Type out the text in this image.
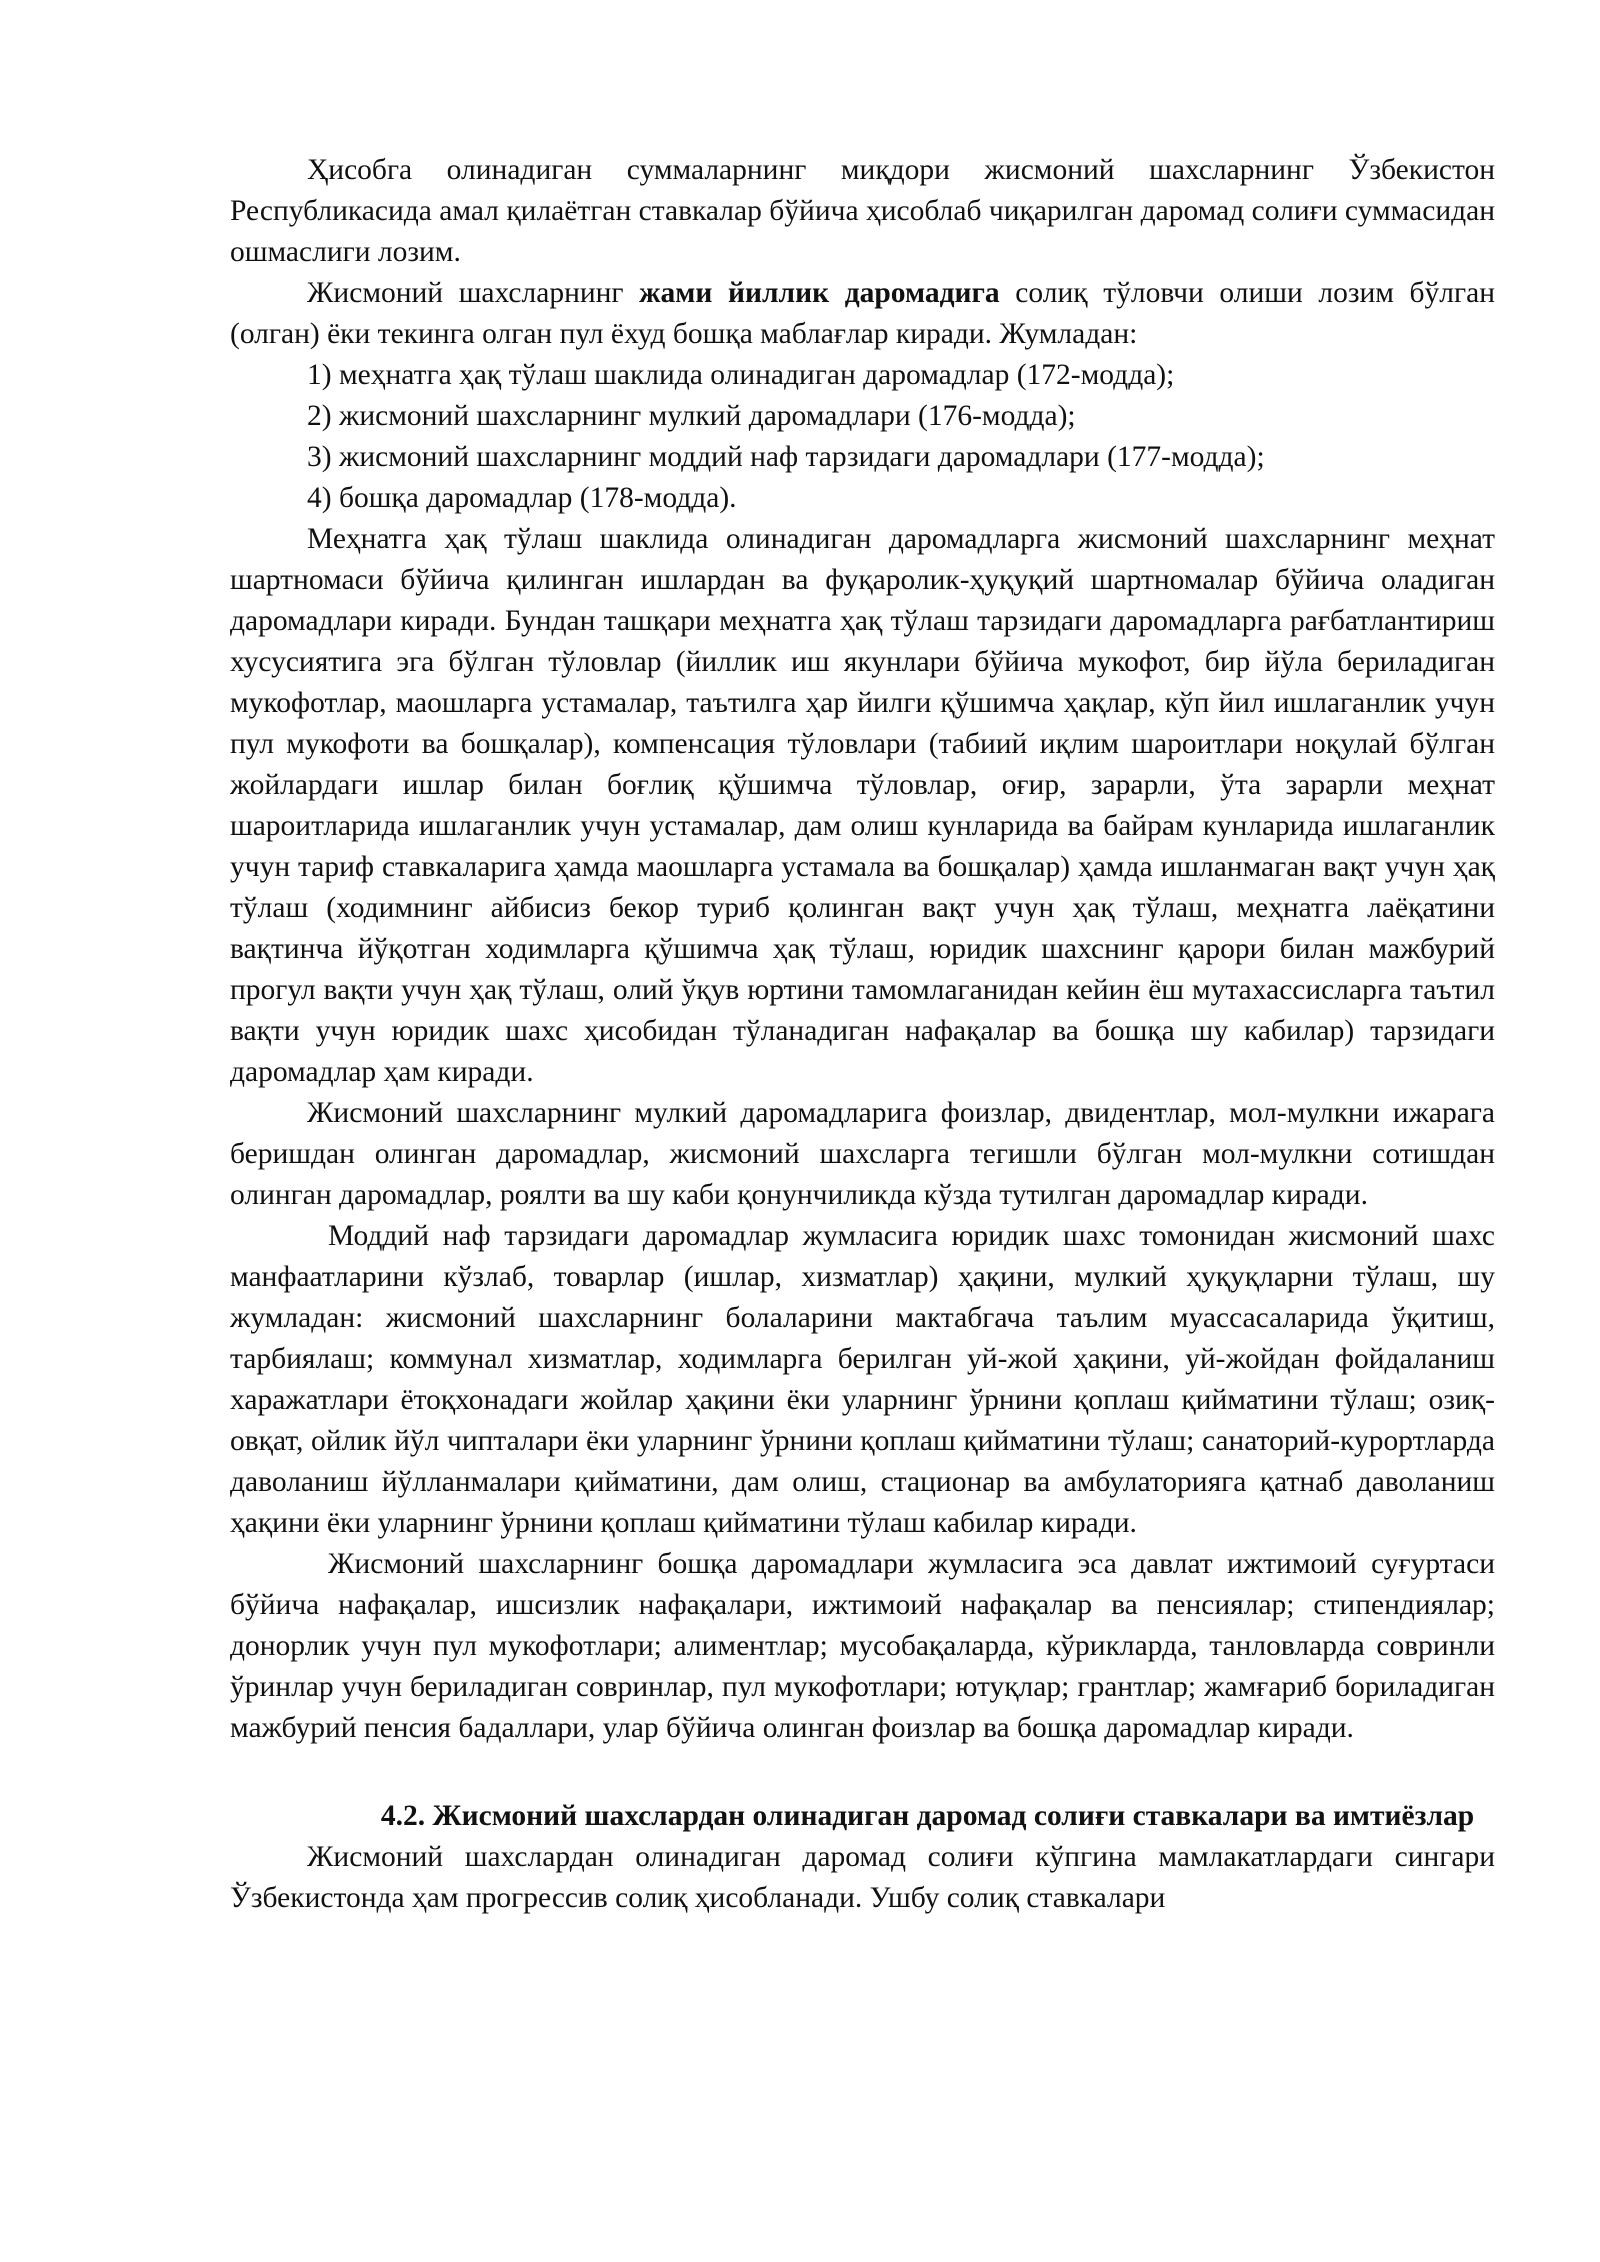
Ҳисобга олинадиган суммаларнинг миқдори жисмоний шахсларнинг Ўзбекистон Республикасида амал қилаётган ставкалар бўйича ҳисоблаб чиқарилган даромад солиғи суммасидан ошмаслиги лозим.

Жисмоний шахсларнинг жами йиллик даромадига солиқ тўловчи олиши лозим бўлган (олган) ёки текинга олган пул ёхуд бошқа маблағлар киради. Жумладан:

1) меҳнатга ҳақ тўлаш шаклида олинадиган даромадлар (172-модда);

2) жисмоний шахсларнинг мулкий даромадлари (176-модда);

3) жисмоний шахсларнинг моддий наф тарзидаги даромадлари (177-модда);

4) бошқа даромадлар (178-модда).

Меҳнатга ҳақ тўлаш шаклида олинадиган даромадларга жисмоний шахсларнинг меҳнат шартномаси бўйича қилинган ишлардан ва фуқаролик-ҳуқуқий шартномалар бўйича оладиган даромадлари киради. Бундан ташқари меҳнатга ҳақ тўлаш тарзидаги даромадларга рағбатлантириш хусусиятига эга бўлган тўловлар (йиллик иш якунлари бўйича мукофот, бир йўла бериладиган мукофотлар, маошларга устамалар, таътилга ҳар йилги қўшимча ҳақлар, кўп йил ишлаганлик учун пул мукофоти ва бошқалар), компенсация тўловлари (табиий иқлим шароитлари ноқулай бўлган жойлардаги ишлар билан боғлиқ қўшимча тўловлар, оғир, зарарли, ўта зарарли меҳнат шароитларида ишлаганлик учун устамалар, дам олиш кунларида ва байрам кунларида ишлаганлик учун тариф ставкаларига ҳамда маошларга устамала ва бошқалар) ҳамда ишланмаган вақт учун ҳақ тўлаш (ходимнинг айбисиз бекор туриб қолинган вақт учун ҳақ тўлаш, меҳнатга лаёқатини вақтинча йўқотган ходимларга қўшимча ҳақ тўлаш, юридик шахснинг қарори билан мажбурий прогул вақти учун ҳақ тўлаш, олий ўқув юртини тамомлаганидан кейин ёш мутахассисларга таътил вақти учун юридик шахс ҳисобидан тўланадиган нафақалар ва бошқа шу кабилар) тарзидаги даромадлар ҳам киради.

Жисмоний шахсларнинг мулкий даромадларига фоизлар, двидентлар, мол-мулкни ижарага беришдан олинган даромадлар, жисмоний шахсларга тегишли бўлган мол-мулкни сотишдан олинган даромадлар, роялти ва шу каби қонунчиликда кўзда тутилган даромадлар киради.

Моддий наф тарзидаги даромадлар жумласига юридик шахс томонидан жисмоний шахс манфаатларини кўзлаб, товарлар (ишлар, хизматлар) ҳақини, мулкий ҳуқуқларни тўлаш, шу жумладан: жисмоний шахсларнинг болаларини мактабгача таълим муассасаларида ўқитиш, тарбиялаш; коммунал хизматлар, ходимларга берилган уй-жой ҳақини, уй-жойдан фойдаланиш харажатлари ётоқхонадаги жойлар ҳақини ёки уларнинг ўрнини қоплаш қийматини тўлаш; озиқ-овқат, ойлик йўл чипталари ёки уларнинг ўрнини қоплаш қийматини тўлаш; санаторий-курортларда даволаниш йўлланмалари қийматини, дам олиш, стационар ва амбулаторияга қатнаб даволаниш ҳақини ёки уларнинг ўрнини қоплаш қийматини тўлаш кабилар киради.

Жисмоний шахсларнинг бошқа даромадлари жумласига эса давлат ижтимоий суғуртаси бўйича нафақалар, ишсизлик нафақалари, ижтимоий нафақалар ва пенсиялар; стипендиялар; донорлик учун пул мукофотлари; алиментлар; мусобақаларда, кўрикларда, танловларда совринли ўринлар учун бериладиган совринлар, пул мукофотлари; ютуқлар; грантлар; жамғариб бориладиган мажбурий пенсия бадаллари, улар бўйича олинган фоизлар ва бошқа даромадлар киради.

4.2. Жисмоний шахслардан олинадиган даромад солиғи ставкалари ва имтиёзлар

Жисмоний шахслардан олинадиган даромад солиғи кўпгина мамлакатлардаги сингари Ўзбекистонда ҳам прогрессив солиқ ҳисобланади. Ушбу солиқ ставкалари
